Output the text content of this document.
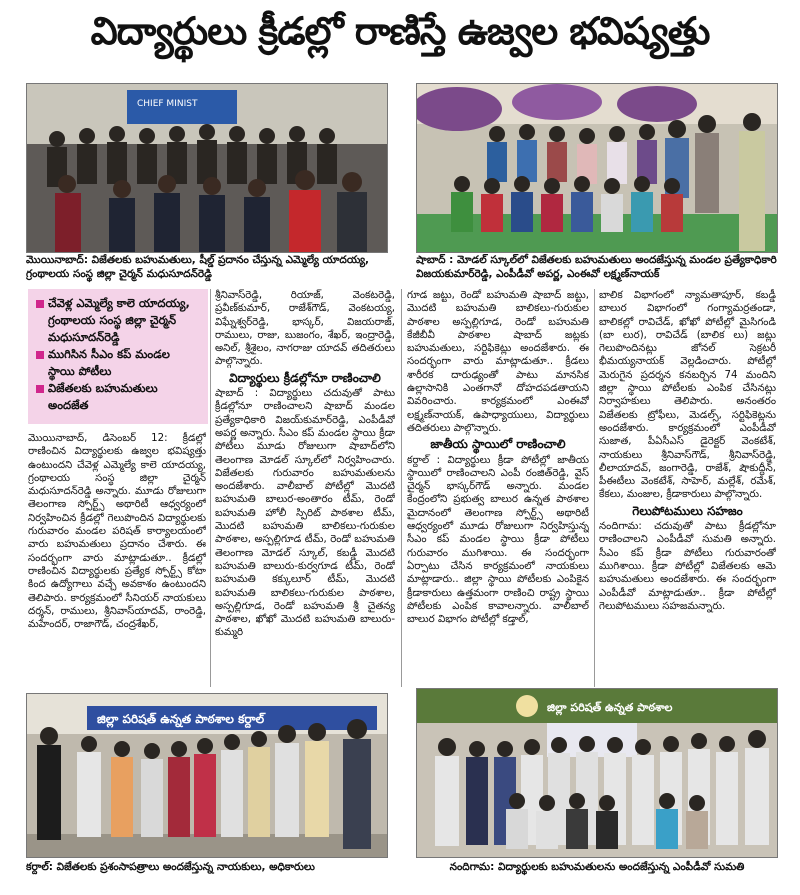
విద్యార్థులు క్రీడల్లో రాణిస్తే ఉజ్వల భవిష్యత్తు
CHIEF MINIST
మొయినాబాద్: విజేతలకు బహుమతులు, షీల్డ్ ప్రదానం చేస్తున్న ఎమ్మెల్యే యాదయ్య, గ్రంథాలయ సంస్థ జిల్లా చైర్మన్ మధుసూదన్‌రెడ్డి
షాబాద్ : మోడల్ స్కూల్‌లో విజేతలకు బహుమతులు అందజేస్తున్న మండల ప్రత్యేకాధికారి విజయకుమార్‌రెడ్డి, ఎంపీడీవో అపర్ణ, ఎంఈవో లక్ష్మణ్‌నాయక్
చేవెళ్ల ఎమ్మెల్యే కాలె యాదయ్య, గ్రంథాలయ సంస్థ జిల్లా చైర్మన్ మధుసూదన్‌రెడ్డి
ముగిసిన సీఎం కప్ మండల స్థాయి పోటీలు
విజేతలకు బహుమతులు అందజేత

మొయినాబాద్, డిసెంబర్ 12: క్రీడల్లో రాణించిన విద్యార్థులకు ఉజ్వల భవిష్యత్తు ఉంటుందని చేవెళ్ల ఎమ్మెల్యే కాలె యాదయ్య, గ్రంథాలయ సంస్థ జిల్లా చైర్మన్ మధుసూదన్‌రెడ్డి అన్నారు. మూడు రోజులుగా తెలంగాణ స్పోర్ట్స్ అథారిటీ ఆధ్వర్యంలో నిర్వహించిన క్రీడల్లో గెలుపొందిన విద్యార్థులకు గురువారం మండల పరిషత్ కార్యాలయంలో వారు బహుమతులు ప్రదానం చేశారు. ఈ సందర్భంగా వారు మాట్లాడుతూ.. క్రీడల్లో రాణించిన విద్యార్థులకు ప్రత్యేక స్పోర్ట్స్ కోటా కింద ఉద్యోగాలు వచ్చే అవకాశం ఉంటుందని తెలిపారు. కార్యక్రమంలో సీనియర్ నాయకులు దర్శన్, రాములు, శ్రీనివాస్‌యాదవ్, రాంరెడ్డి, మహేందర్, రాజాగౌడ్, చంద్రశేఖర్,

శ్రీనివాస్‌రెడ్డి, రియాజ్, వెంకటరెడ్డి, ప్రవీణ్‌కుమార్, రాజేశ్‌గౌడ్, వెంకటయ్య, విఘ్నేశ్వర్‌రెడ్డి, భాస్కర్, విజయరాజ్, రాములు, రాజు, బుజంగం, శేఖర్, ఇంద్రారెడ్డి, అనిల్, శ్రీశైలం, నాగరాజు యాదవ్ తదితరులు పాల్గొన్నారు.

విద్యార్థులు క్రీడల్లోనూ రాణించాలి

షాబాద్ : విద్యార్థులు చదువుతో పాటు క్రీడల్లోనూ రాణించాలని షాబాద్ మండల ప్రత్యేకాధికారి విజయ్‌కుమార్‌రెడ్డి, ఎంపీడీవో అపర్ణ అన్నారు. సీఎం కప్ మండల స్థాయి క్రీడా పోటీలు మూడు రోజులుగా షాబాద్‌లోని తెలంగాణ మోడల్ స్కూల్‌లో నిర్వహించారు. విజేతలకు గురువారం బహుమతులను అందజేశారు. వాలీబాల్ పోటీల్లో మొదటి బహుమతి బాలుర-అంతారం టీమ్, రెండో బహుమతి హోలీ స్పిరిట్ పాఠశాల టీమ్, మొదటి బహుమతి బాలికలు-గురుకుల పాఠశాల, అస్పల్లిగూడ టీమ్, రెండో బహుమతి తెలంగాణ మోడల్ స్కూల్, కబడ్డీ మొదటి బహుమతి బాలురు-కుర్వగూడ టీమ్, రెండో బహుమతి కక్కులూర్ టీమ్, మొదటి బహుమతి బాలికలు-గురుకుల పాఠశాల, అస్పల్లిగూడ, రెండో బహుమతి శ్రీ చైతన్య పాఠశాల, ఖోఖో మొదటి బహుమతి బాలురు-కుమ్మరి

గూడ జట్టు, రెండో బహుమతి షాబాద్ జట్టు, మొదటి బహుమతి బాలికలు-గురుకుల పాఠశాల అస్పల్లిగూడ, రెండో బహుమతి కేజీబీవీ పాఠశాల షాబాద్ జట్లకు బహుమతులు, సర్టిఫికెట్లు అందజేశారు. ఈ సందర్భంగా వారు మాట్లాడుతూ.. క్రీడలు శారీరక దారుఢ్యంతో పాటు మానసిక ఉల్లాసానికి ఎంతగానో దోహదపడతాయని వివరించారు. కార్యక్రమంలో ఎంఈవో లక్ష్మణ్‌నాయక్, ఉపాధ్యాయులు, విద్యార్థులు తదితరులు పాల్గొన్నారు.

జాతీయ స్థాయిలో రాణించాలి

కర్దాల్ : విద్యార్థులు క్రీడా పోటీల్లో జాతీయ స్థాయిలో రాణించాలని ఎంపీ రంజిత్‌రెడ్డి, వైస్ చైర్మన్ భాస్కర్‌గౌడ్ అన్నారు. మండల కేంద్రంలోని ప్రభుత్వ బాలుర ఉన్నత పాఠశాల మైదానంలో తెలంగాణ స్పోర్ట్స్ అథారిటీ ఆధ్వర్యంలో మూడు రోజులుగా నిర్వహిస్తున్న సీఎం కప్ మండల స్థాయి క్రీడా పోటీలు గురువారం ముగిశాయి. ఈ సందర్భంగా ఏర్పాటు చేసిన కార్యక్రమంలో నాయకులు మాట్లాడారు.. జిల్లా స్థాయి పోటీలకు ఎంపికైన క్రీడాకారులు ఉత్తమంగా రాణించి రాష్ట్ర స్థాయి పోటీలకు ఎంపిక కావాలన్నారు. వాలీబాల్ బాలుర విభాగం పోటీల్లో కడ్తాల్,

బాలిక విభాగంలో న్యామతాపూర్, కబడ్డీ బాలుర విభాగంలో గంగ్యామర్రతండా, బాలికల్లో రావిచేడ్, ఖోఖో పోటీల్లో మైసిగండి (బా లుర), రావిచేడ్ (బాలిక లు) జట్లు గెలుపొందినట్లు జోనల్ సెక్రటరీ భీమయ్యనాయక్ వెల్లడించారు. పోటీల్లో మెరుగైన ప్రదర్శన కనబర్చిన 74 మందిని జిల్లా స్థాయి పోటీలకు ఎంపిక చేసినట్లు నిర్వాహకులు తెలిపారు. అనంతరం విజేతలకు ట్రోఫీలు, మెడల్స్, సర్టిఫికెట్లను అందజేశారు. కార్యక్రమంలో ఎంపీడీవో సుజాత, పీఏసీఎస్ డైరెక్టర్ వెంకటేశ్, నాయకులు శ్రీనివాస్‌గౌడ్, శ్రీనివాస్‌రెడ్డి, లీలాయాదవ్, జంగారెడ్డి, రాజేశ్, షౌకుద్దీన్, పీఈటీలు వెంకటేశ్, సాహెర్, మల్లేశ్, రమేశ్, కేకలు, మంజుల, క్రీడాకారులు పాల్గొన్నారు.

గెలుపోటములు సహజం

నందిగామ: చదువుతో పాటు క్రీడల్లోనూ రాణించాలని ఎంపీడీవో సుమతి అన్నారు. సీఎం కప్ క్రీడా పోటీలు గురువారంతో ముగిశాయి. క్రీడా పోటీల్లో విజేతలకు ఆమె బహుమతులు అందజేశారు. ఈ సందర్భంగా ఎంపీడీవో మాట్లాడుతూ.. క్రీడా పోటీల్లో గెలుపోటములు సహజమన్నారు.

జిల్లా పరిషత్ ఉన్నత పాఠశాల కర్దాల్
కర్దాల్: విజేతలకు ప్రశంసాపత్రాలు అందజేస్తున్న నాయకులు, అధికారులు
జిల్లా పరిషత్ ఉన్నత పాఠశాల
నందిగామ: విద్యార్థులకు బహుమతులను అందజేస్తున్న ఎంపీడీవో సుమతి
